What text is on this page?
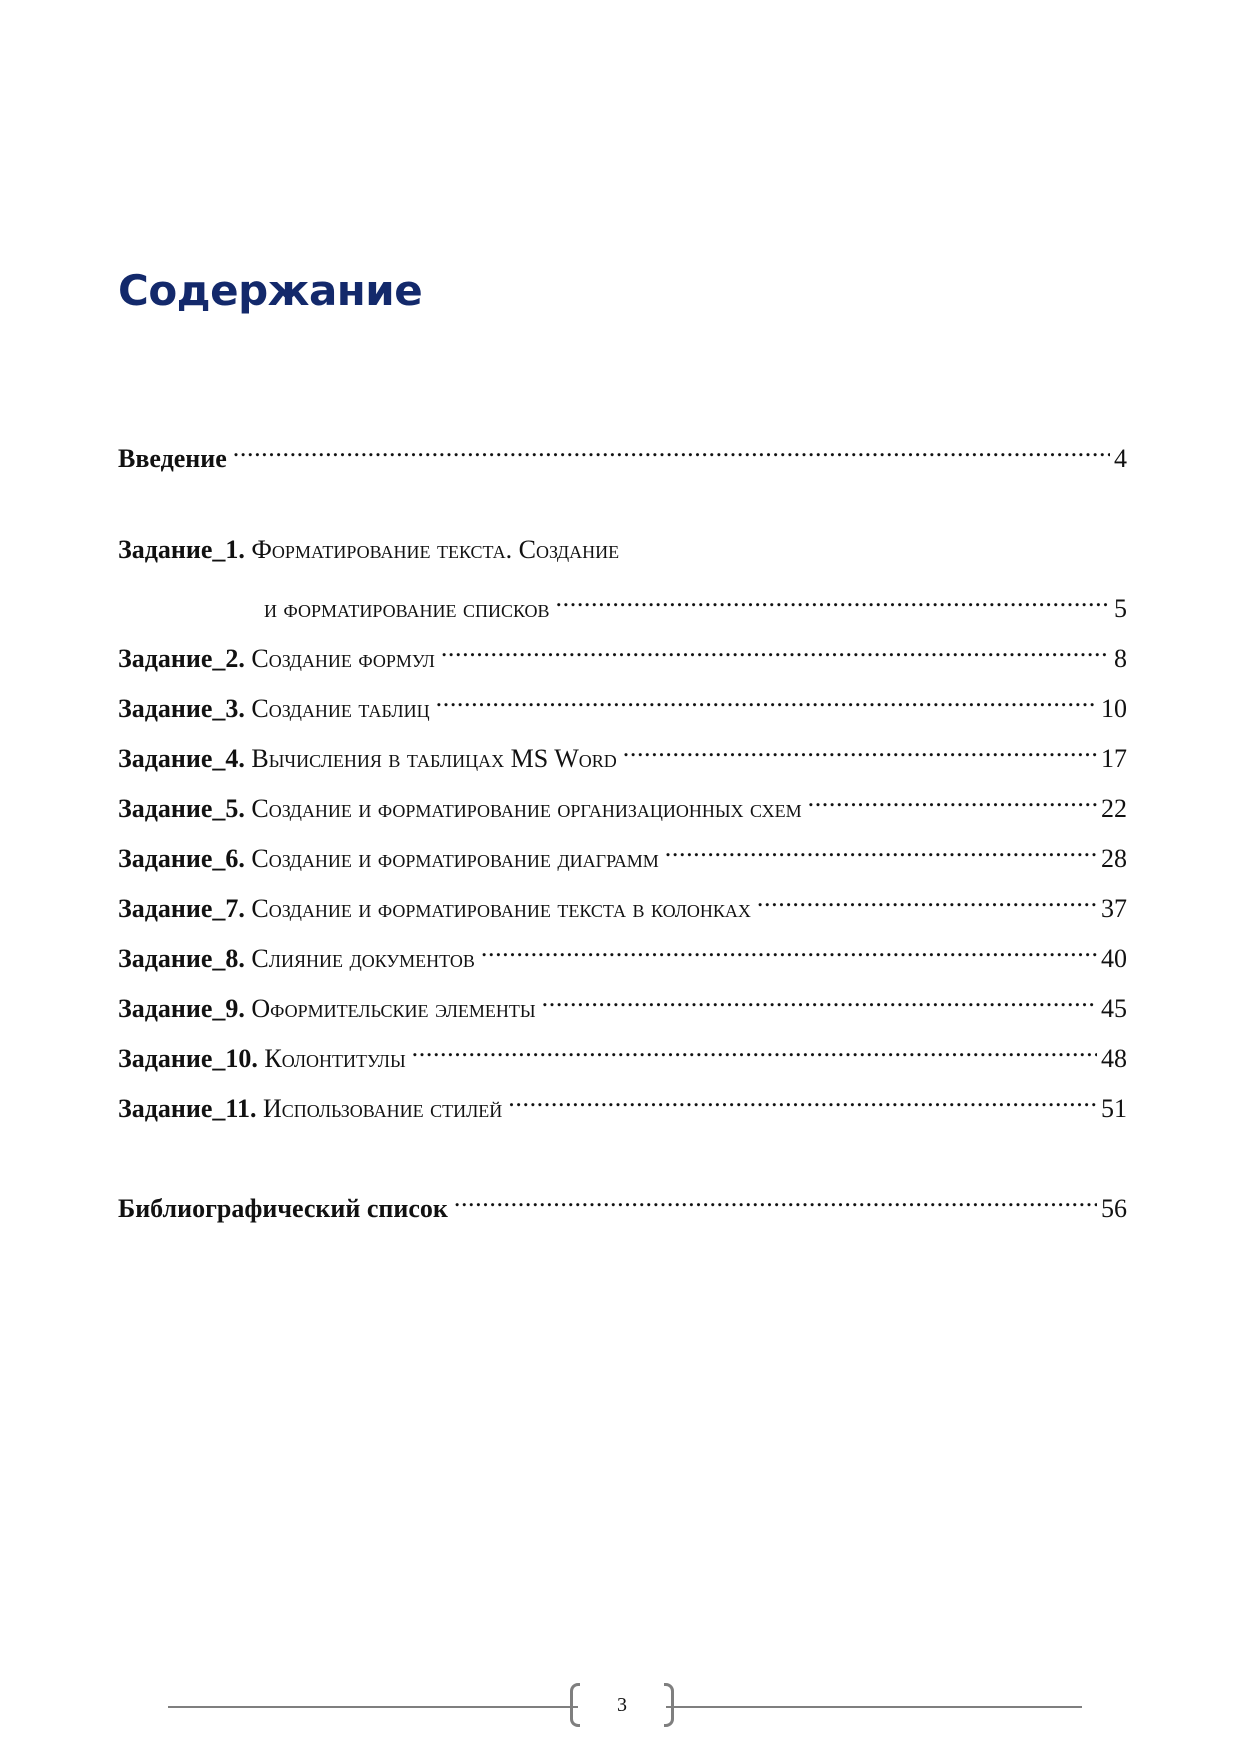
Содержание
Введение .....	4
Задание_1. Форматирование текста. Создание
и форматирование списков .....	5
Задание_2. Создание формул .....	8
Задание_3. Создание таблиц .....	10
Задание_4. Вычисления в таблицах MS Word .....	17
Задание_5. Создание и форматирование организационных схем .....	22
Задание_6. Создание и форматирование диаграмм .....	28
Задание_7. Создание и форматирование текста в колонках .....	37
Задание_8. Слияние документов .....	40
Задание_9. Оформительские элементы .....	45
Задание_10. Колонтитулы .....	48
Задание_11. Использование стилей .....	51
Библиографический список .....	56
3
